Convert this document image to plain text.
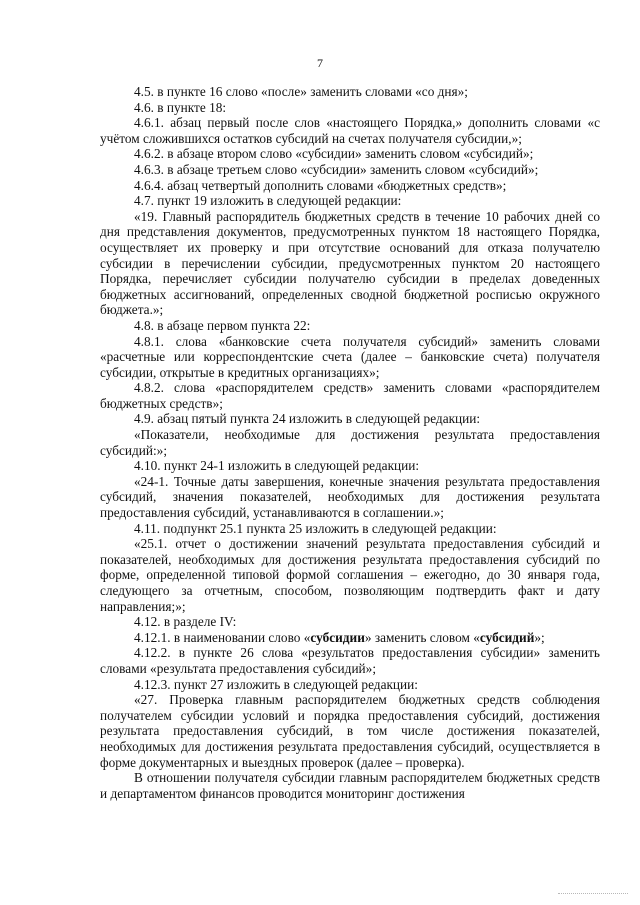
7

4.5. в пункте 16 слово «после» заменить словами «со дня»;

4.6. в пункте 18:

4.6.1. абзац первый после слов «настоящего Порядка,» дополнить словами «с учётом сложившихся остатков субсидий на счетах получателя субсидии,»;

4.6.2. в абзаце втором слово «субсидии» заменить словом «субсидий»;

4.6.3. в абзаце третьем слово «субсидии» заменить словом «субсидий»;

4.6.4. абзац четвертый дополнить словами «бюджетных средств»;

4.7. пункт 19 изложить в следующей редакции:

«19. Главный распорядитель бюджетных средств в течение 10 рабочих дней со дня представления документов, предусмотренных пунктом 18 настоящего Порядка, осуществляет их проверку и при отсутствие оснований для отказа получателю субсидии в перечислении субсидии, предусмотренных пунктом 20 настоящего Порядка, перечисляет субсидии получателю субсидии в пределах доведенных бюджетных ассигнований, определенных сводной бюджетной росписью окружного бюджета.»;

4.8. в абзаце первом пункта 22:

4.8.1. слова «банковские счета получателя субсидий» заменить словами «расчетные или корреспондентские счета (далее – банковские счета) получателя субсидии, открытые в кредитных организациях»;

4.8.2. слова «распорядителем средств» заменить словами «распорядителем бюджетных средств»;

4.9. абзац пятый пункта 24 изложить в следующей редакции:

«Показатели, необходимые для достижения результата предоставления субсидий:»;

4.10. пункт 24-1 изложить в следующей редакции:

«24-1. Точные даты завершения, конечные значения результата предоставления субсидий, значения показателей, необходимых для достижения результата предоставления субсидий, устанавливаются в соглашении.»;

4.11. подпункт 25.1 пункта 25 изложить в следующей редакции:

«25.1. отчет о достижении значений результата предоставления субсидий и показателей, необходимых для достижения результата предоставления субсидий по форме, определенной типовой формой соглашения – ежегодно, до 30 января года, следующего за отчетным, способом, позволяющим подтвердить факт и дату направления;»;

4.12. в разделе IV:

4.12.1. в наименовании слово «субсидии» заменить словом «субсидий»;

4.12.2. в пункте 26 слова «результатов предоставления субсидии» заменить словами «результата предоставления субсидий»;

4.12.3. пункт 27 изложить в следующей редакции:

«27. Проверка главным распорядителем бюджетных средств соблюдения получателем субсидии условий и порядка предоставления субсидий, достижения результата предоставления субсидий, в том числе достижения показателей, необходимых для достижения результата предоставления субсидий, осуществляется в форме документарных и выездных проверок (далее – проверка).

В отношении получателя субсидии главным распорядителем бюджетных средств и департаментом финансов проводится мониторинг достижения
